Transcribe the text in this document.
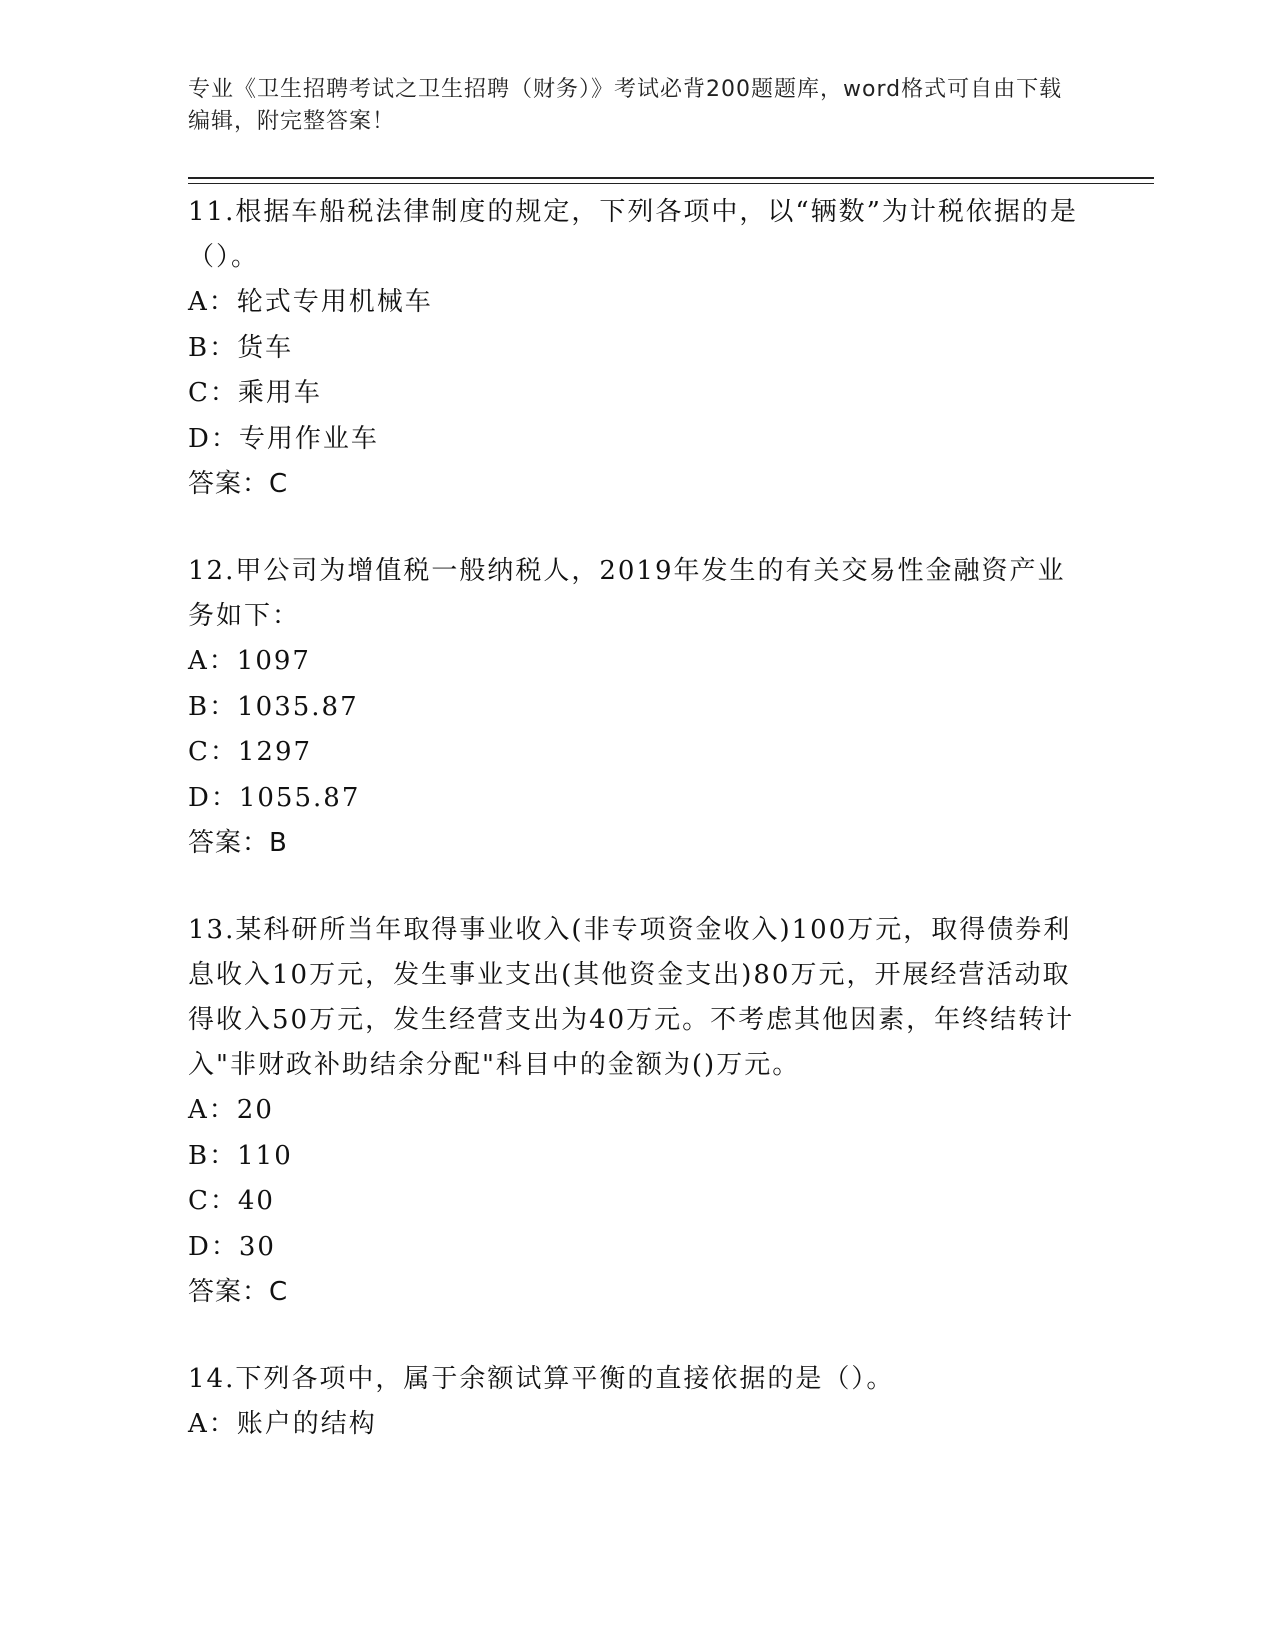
专业《卫生招聘考试之卫生招聘（财务）》考试必背200题题库，word格式可自由下载编辑，附完整答案！

11.根据车船税法律制度的规定，下列各项中，以“辆数”为计税依据的是（）。

A：轮式专用机械车

B：货车

C：乘用车

D：专用作业车

答案：C

12.甲公司为增值税一般纳税人，2019年发生的有关交易性金融资产业务如下：

A：1097

B：1035.87

C：1297

D：1055.87

答案：B

13.某科研所当年取得事业收入(非专项资金收入)100万元，取得债券利息收入10万元，发生事业支出(其他资金支出)80万元，开展经营活动取得收入50万元，发生经营支出为40万元。不考虑其他因素，年终结转计入"非财政补助结余分配"科目中的金额为()万元。

A：20

B：110

C：40

D：30

答案：C

14.下列各项中，属于余额试算平衡的直接依据的是（）。

A：账户的结构
